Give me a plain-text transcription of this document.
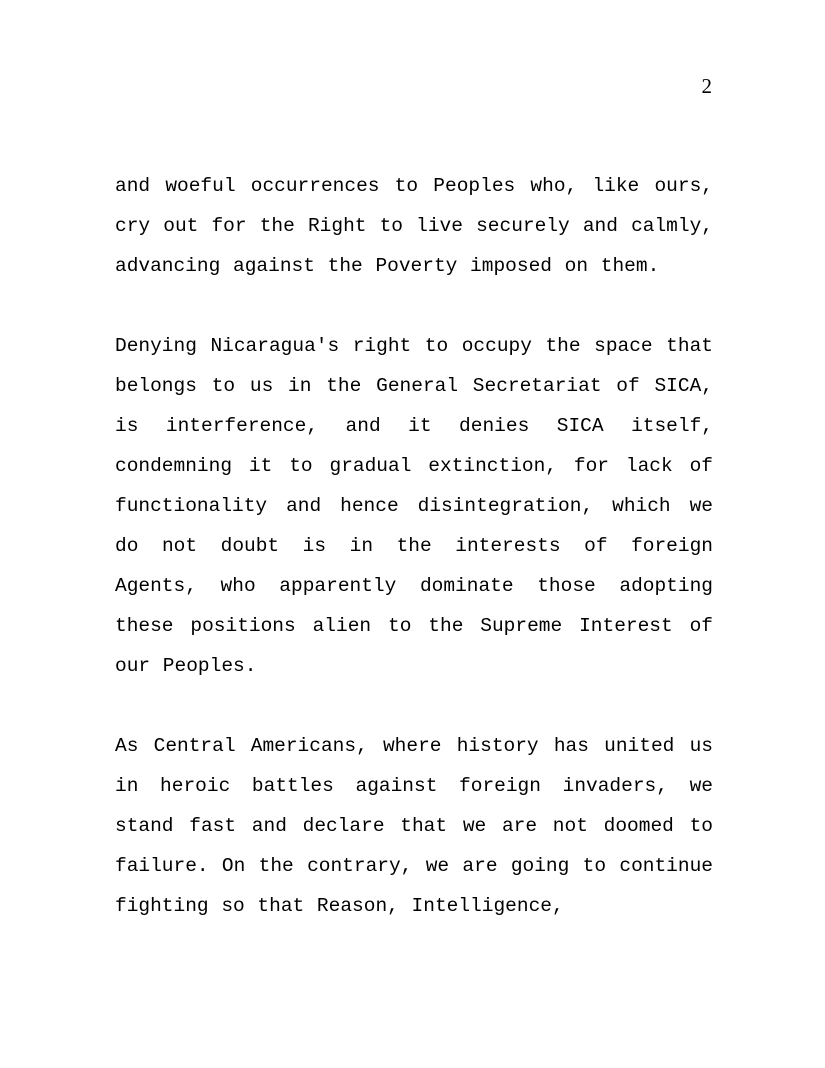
2

and woeful occurrences to Peoples who, like ours, cry out for the Right to live securely and calmly, advancing against the Poverty imposed on them.

Denying Nicaragua's right to occupy the space that belongs to us in the General Secretariat of SICA, is interference, and it denies SICA itself, condemning it to gradual extinction, for lack of functionality and hence disintegration, which we do not doubt is in the interests of foreign Agents, who apparently dominate those adopting these positions alien to the Supreme Interest of our Peoples.

As Central Americans, where history has united us in heroic battles against foreign invaders, we stand fast and declare that we are not doomed to failure. On the contrary, we are going to continue fighting so that Reason, Intelligence,
